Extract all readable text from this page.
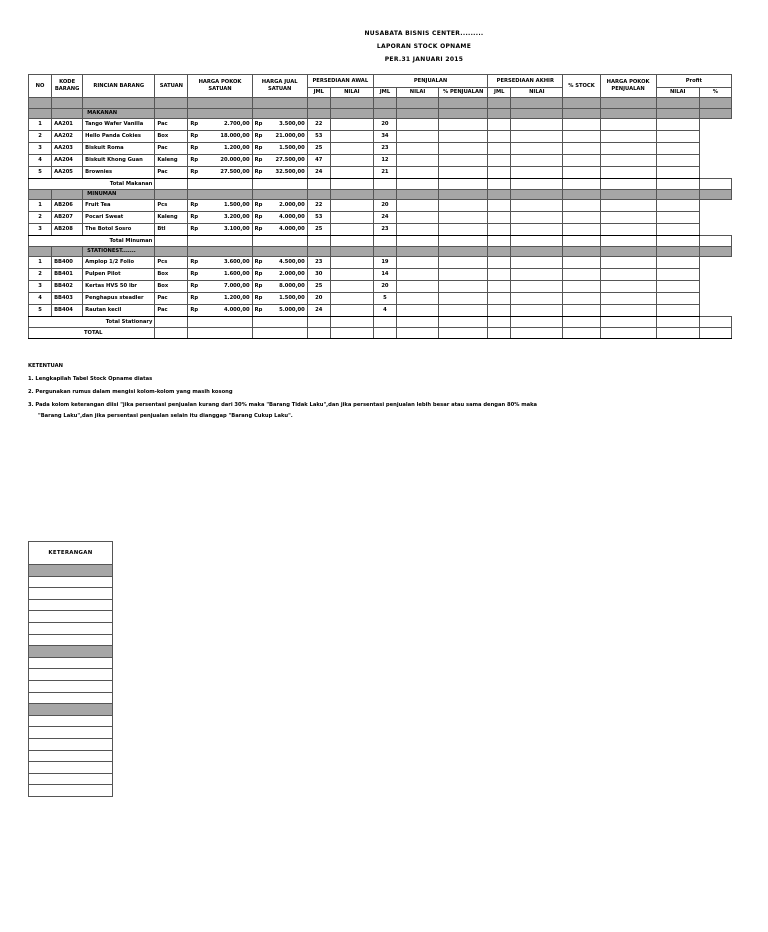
NUSABATA BISNIS CENTER.........
LAPORAN STOCK OPNAME
PER.31 JANUARI 2015
NO	KODE BARANG	RINCIAN BARANG	SATUAN	HARGA POKOK SATUAN	HARGA JUAL SATUAN	PERSEDIAAN AWAL		PENJUALAN			PERSEDIAAN AKHIR		% STOCK	HARGA POKOK PENJUALAN	Profit	
						JML	NILAI	JML	NILAI	% PENJUALAN	JML	NILAI			NILAI	%

		MAKANAN														
1	AA201	Tango Wafer Vanilla	Pac	Rp 2.700,00	Rp 3.500,00	22		20								
2	AA202	Hello Panda Cokies	Box	Rp 18.000,00	Rp 21.000,00	53		34								
3	AA203	Biskuit Roma	Pac	Rp 1.200,00	Rp 1.500,00	25		23								
4	AA204	Biskuit Khong Guan	Kaleng	Rp 20.000,00	Rp 27.500,00	47		12								
5	AA205	Brownies	Pac	Rp 27.500,00	Rp 32.500,00	24		21								
Total Makanan																
		MINUMAN														
1	AB206	Fruit Tea	Pcs	Rp 1.500,00	Rp 2.000,00	22		20								
2	AB207	Pocari Sweat	Kaleng	Rp 3.200,00	Rp 4.000,00	53		24								
3	AB208	The Botol Sosro	Btl	Rp 3.100,00	Rp 4.000,00	25		23								
Total Minuman																
		STATIONEST.......														
1	BB400	Amplop 1/2 Folio	Pcs	Rp 3.600,00	Rp 4.500,00	23		19								
2	BB401	Pulpen Pilot	Box	Rp 1.600,00	Rp 2.000,00	30		14								
3	BB402	Kertas HVS 50 lbr	Box	Rp 7.000,00	Rp 8.000,00	25		20								
4	BB403	Penghapus steadler	Pac	Rp 1.200,00	Rp 1.500,00	20		5								
5	BB404	Rautan kecil	Pac	Rp 4.000,00	Rp 5.000,00	24		4								
Total Stationary																
TOTAL																
KETENTUAN
1. Lengkapilah Tabel Stock Opname diatas
2. Pergunakan rumus dalam mengisi kolom-kolom yang masih kosong
3. Pada kolom keterangan diisi "jika persentasi penjualan kurang dari 30% maka "Barang Tidak Laku",dan jika persentasi penjualan lebih besar atau sama dengan 80% maka
"Barang Laku",dan jika persentasi penjualan selain itu dianggap "Barang Cukup Laku".
KETERANGAN
